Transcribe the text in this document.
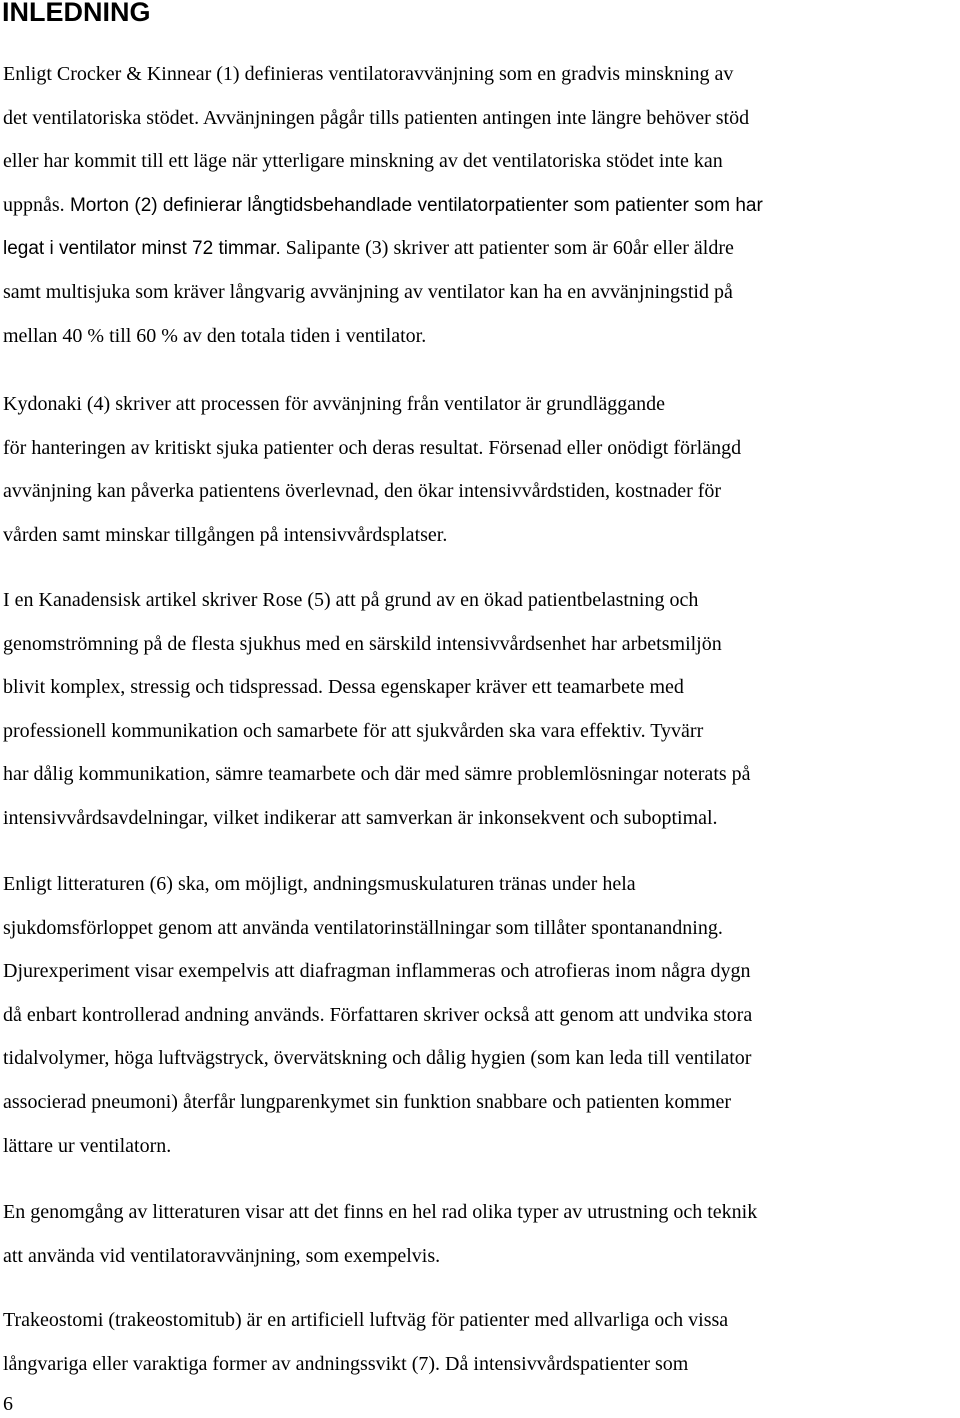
INLEDNING

Enligt Crocker & Kinnear (1) definieras ventilatoravvänjning som en gradvis minskning av
det ventilatoriska stödet. Avvänjningen pågår tills patienten antingen inte längre behöver stöd
eller har kommit till ett läge när ytterligare minskning av det ventilatoriska stödet inte kan
uppnås. Morton (2) definierar långtidsbehandlade ventilatorpatienter som patienter som har
legat i ventilator minst 72 timmar. Salipante (3) skriver att patienter som är 60år eller äldre
samt multisjuka som kräver långvarig avvänjning av ventilator kan ha en avvänjningstid på
mellan 40 % till 60 % av den totala tiden i ventilator.

Kydonaki (4) skriver att processen för avvänjning från ventilator är grundläggande
för hanteringen av kritiskt sjuka patienter och deras resultat. Försenad eller onödigt förlängd
avvänjning kan påverka patientens överlevnad, den ökar intensivvårdstiden, kostnader för
vården samt minskar tillgången på intensivvårdsplatser.

I en Kanadensisk artikel skriver Rose (5) att på grund av en ökad patientbelastning och
genomströmning på de flesta sjukhus med en särskild intensivvårdsenhet har arbetsmiljön
blivit komplex, stressig och tidspressad. Dessa egenskaper kräver ett teamarbete med
professionell kommunikation och samarbete för att sjukvården ska vara effektiv. Tyvärr
har dålig kommunikation, sämre teamarbete och där med sämre problemlösningar noterats på
intensivvårdsavdelningar, vilket indikerar att samverkan är inkonsekvent och suboptimal.

Enligt litteraturen (6) ska, om möjligt, andningsmuskulaturen tränas under hela
sjukdomsförloppet genom att använda ventilatorinställningar som tillåter spontanandning.
Djurexperiment visar exempelvis att diafragman inflammeras och atrofieras inom några dygn
då enbart kontrollerad andning används. Författaren skriver också att genom att undvika stora
tidalvolymer, höga luftvägstryck, övervätskning och dålig hygien (som kan leda till ventilator
associerad pneumoni) återfår lungparenkymet sin funktion snabbare och patienten kommer
lättare ur ventilatorn.

En genomgång av litteraturen visar att det finns en hel rad olika typer av utrustning och teknik
att använda vid ventilatoravvänjning, som exempelvis.

Trakeostomi (trakeostomitub) är en artificiell luftväg för patienter med allvarliga och vissa
långvariga eller varaktiga former av andningssvikt (7). Då intensivvårdspatienter som

6
